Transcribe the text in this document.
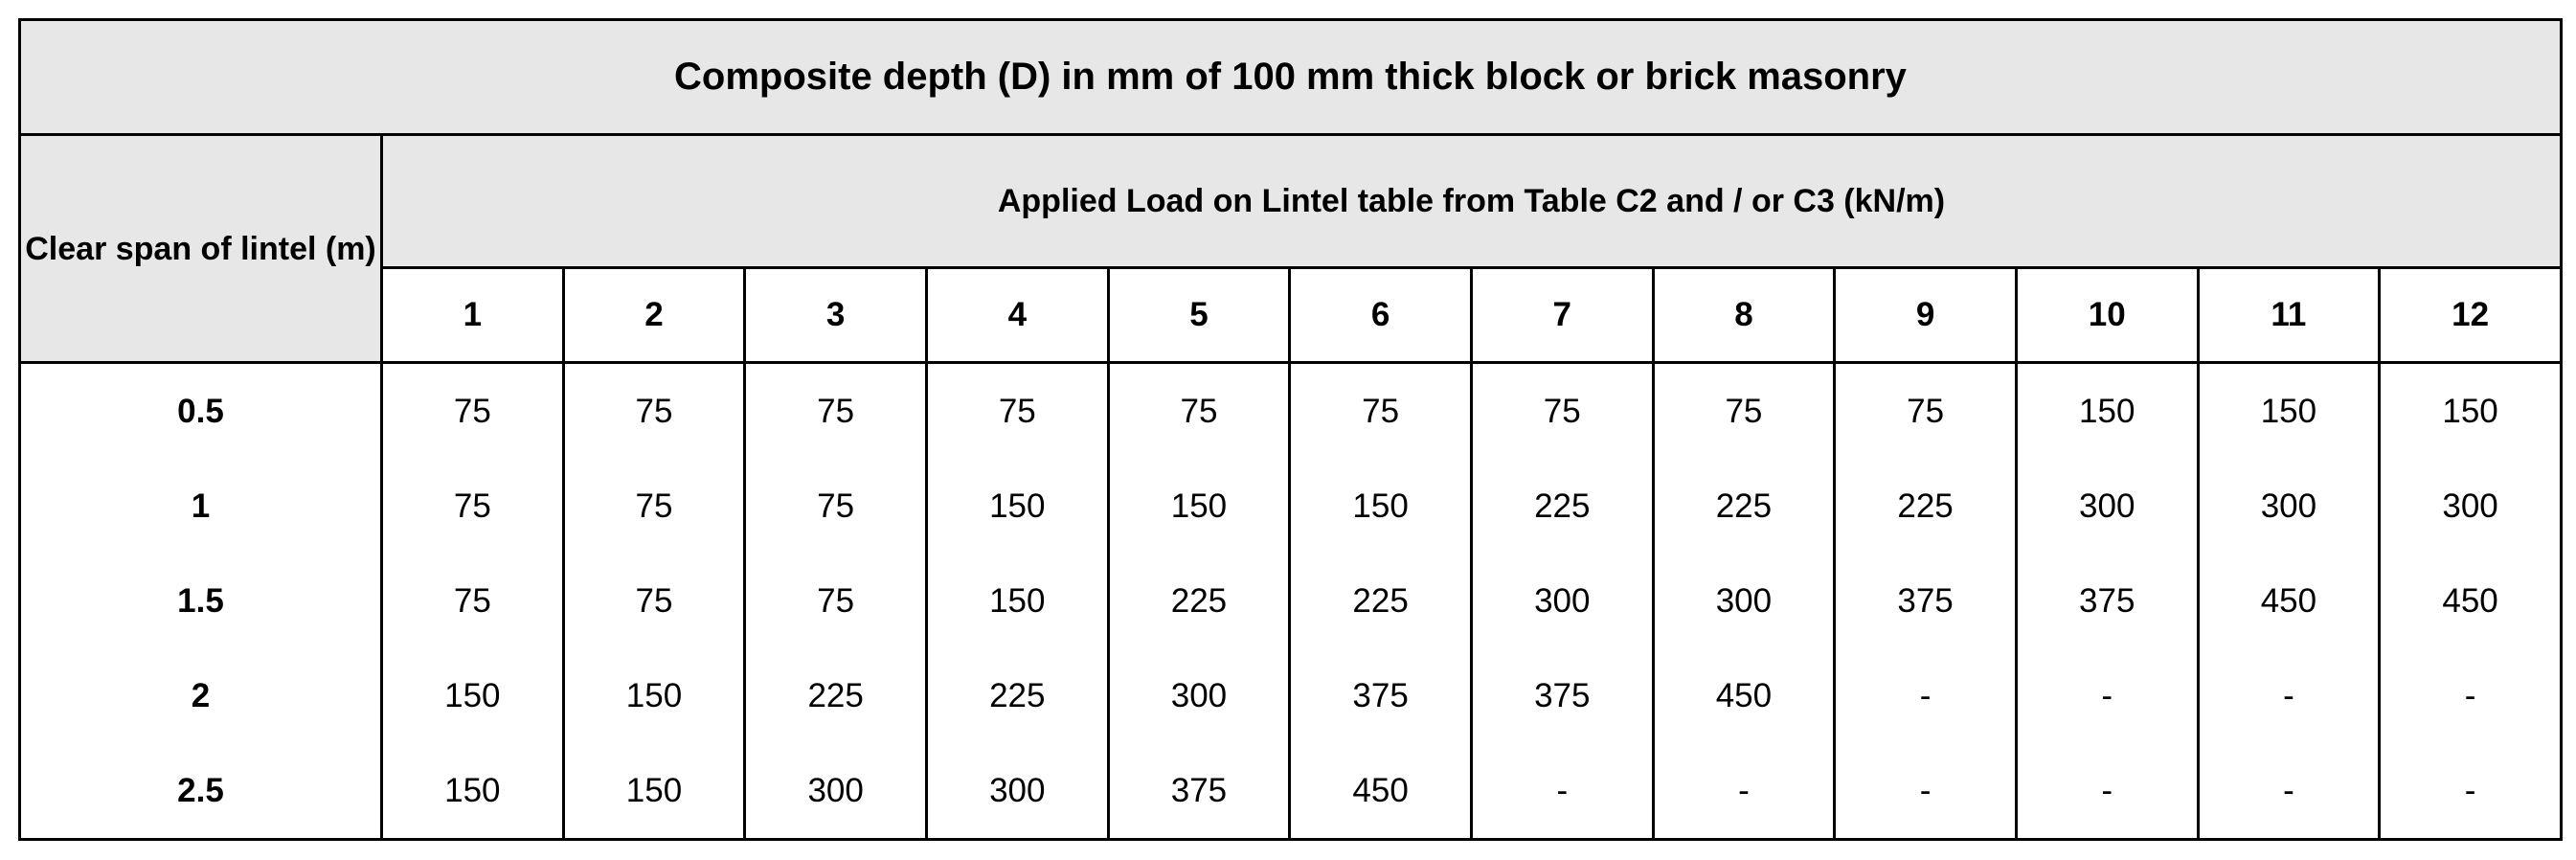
Composite depth (D) in mm of 100 mm thick block or brick masonry												
Clear span of lintel (m)	Applied Load on Lintel table from Table C2 and / or C3 (kN/m)											
	1	2	3	4	5	6	7	8	9	10	11	12
0.5	75	75	75	75	75	75	75	75	75	150	150	150
1	75	75	75	150	150	150	225	225	225	300	300	300
1.5	75	75	75	150	225	225	300	300	375	375	450	450
2	150	150	225	225	300	375	375	450	-	-	-	-
2.5	150	150	300	300	375	450	-	-	-	-	-	-
